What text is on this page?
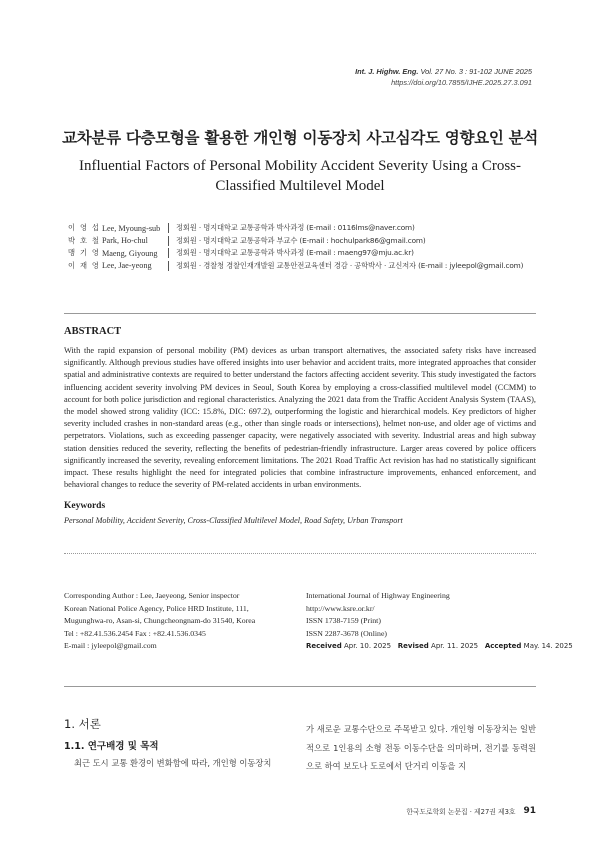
Int. J. Highw. Eng. Vol. 27 No. 3 : 91-102 JUNE 2025
https://doi.org/10.7855/IJHE.2025.27.3.091
교차분류 다층모형을 활용한 개인형 이동장치 사고심각도 영향요인 분석
Influential Factors of Personal Mobility Accident Severity Using a Cross-Classified Multilevel Model
이 영 섭 Lee, Myoung-sub	정회원 · 명지대학교 교통공학과 박사과정 (E-mail : 0116lms@naver.com)
박 호 철 Park, Ho-chul	정회원 · 명지대학교 교통공학과 부교수 (E-mail : hochulpark86@gmail.com)
맹 기 영 Maeng, Giyoung	정회원 · 명지대학교 교통공학과 박사과정 (E-mail : maeng97@mju.ac.kr)
이 재 영 Lee, Jae-yeong	정회원 · 경찰청 경찰인재개발원 교통안전교육센터 경감 · 공학박사 · 교신저자 (E-mail : jyleepol@gmail.com)
ABSTRACT
With the rapid expansion of personal mobility (PM) devices as urban transport alternatives, the associated safety risks have increased significantly. Although previous studies have offered insights into user behavior and accident traits, more integrated approaches that consider spatial and administrative contexts are required to better understand the factors affecting accident severity. This study investigated the factors influencing accident severity involving PM devices in Seoul, South Korea by employing a cross-classified multilevel model (CCMM) to account for both police jurisdiction and regional characteristics. Analyzing the 2021 data from the Traffic Accident Analysis System (TAAS), the model showed strong validity (ICC: 15.8%, DIC: 697.2), outperforming the logistic and hierarchical models. Key predictors of higher severity included crashes in non-standard areas (e.g., other than single roads or intersections), helmet non-use, and older age of victims and perpetrators. Violations, such as exceeding passenger capacity, were negatively associated with severity. Industrial areas and high subway station densities reduced the severity, reflecting the benefits of pedestrian-friendly infrastructure. Larger areas covered by police officers significantly increased the severity, revealing enforcement limitations. The 2021 Road Traffic Act revision has had no statistically significant impact. These results highlight the need for integrated policies that combine infrastructure improvements, enhanced enforcement, and behavioral changes to reduce the severity of PM-related accidents in urban environments.
Keywords
Personal Mobility, Accident Severity, Cross-Classified Multilevel Model, Road Safety, Urban Transport
Corresponding Author : Lee, Jaeyeong, Senior inspector
Korean National Police Agency, Police HRD Institute, 111,
Mugunghwa-ro, Asan-si, Chungcheongnam-do 31540, Korea
Tel : +82.41.536.2454 Fax : +82.41.536.0345
E-mail : jyleepol@gmail.com
International Journal of Highway Engineering
http://www.ksre.or.kr/
ISSN 1738-7159 (Print)
ISSN 2287-3678 (Online)
Received Apr. 10. 2025 Revised Apr. 11. 2025 Accepted May. 14. 2025
1. 서론
1.1. 연구배경 및 목적
최근 도시 교통 환경이 변화함에 따라, 개인형 이동장치
가 새로운 교통수단으로 주목받고 있다. 개인형 이동장치는 일반적으로 1인용의 소형 전동 이동수단을 의미하며, 전기를 동력원으로 하여 보도나 도로에서 단거리 이동을 지
한국도로학회 논문집 · 제27권 제3호 91
